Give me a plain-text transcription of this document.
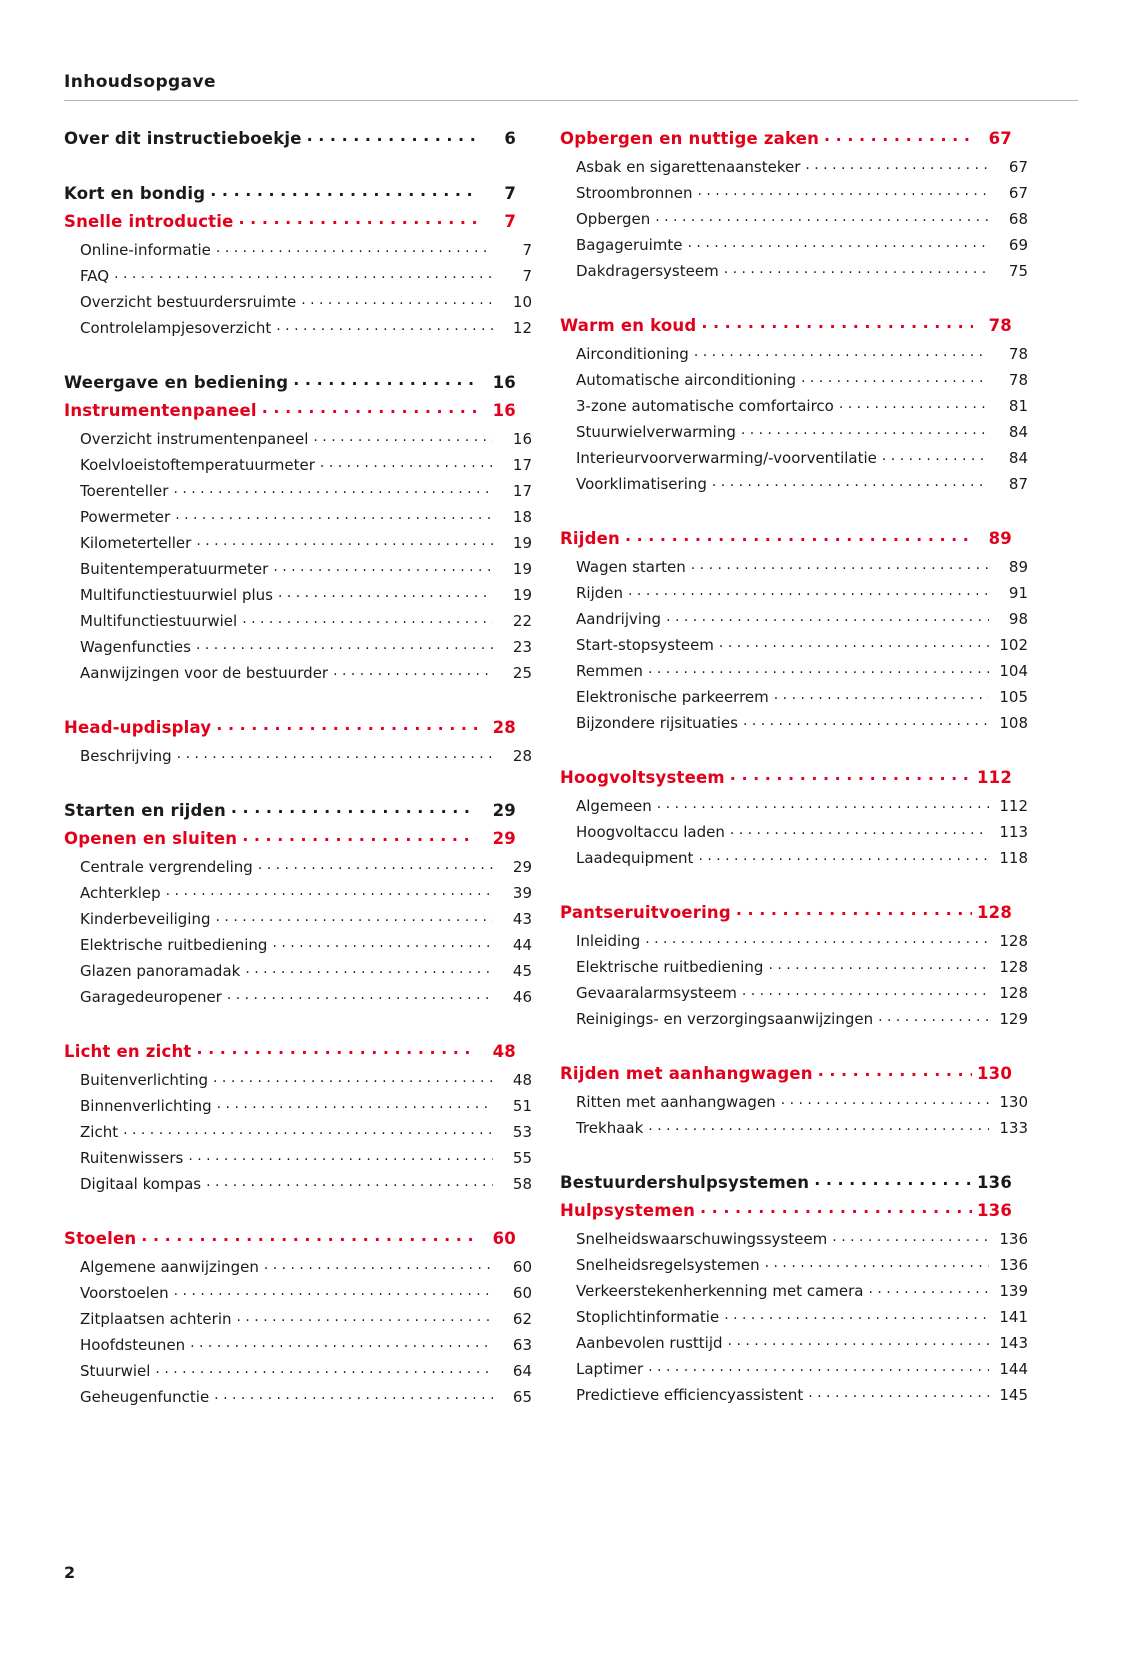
Inhoudsopgave
Over dit instructieboekje . . .	6
Kort en bondig . . .	7
Snelle introductie . . .	7
Online-informatie . . .	7
FAQ . . .	7
Overzicht bestuurdersruimte . . .	10
Controlelampjesoverzicht . . .	12
Weergave en bediening . . .	16
Instrumentenpaneel . . .	16
Overzicht instrumentenpaneel . . .	16
Koelvloeistoftemperatuurmeter . . .	17
Toerenteller . . .	17
Powermeter . . .	18
Kilometerteller . . .	19
Buitentemperatuurmeter . . .	19
Multifunctiestuurwiel plus . . .	19
Multifunctiestuurwiel . . .	22
Wagenfuncties . . .	23
Aanwijzingen voor de bestuurder . . .	25
Head-updisplay . . .	28
Beschrijving . . .	28
Starten en rijden . . .	29
Openen en sluiten . . .	29
Centrale vergrendeling . . .	29
Achterklep . . .	39
Kinderbeveiliging . . .	43
Elektrische ruitbediening . . .	44
Glazen panoramadak . . .	45
Garagedeuropener . . .	46
Licht en zicht . . .	48
Buitenverlichting . . .	48
Binnenverlichting . . .	51
Zicht . . .	53
Ruitenwissers . . .	55
Digitaal kompas . . .	58
Stoelen . . .	60
Algemene aanwijzingen . . .	60
Voorstoelen . . .	60
Zitplaatsen achterin . . .	62
Hoofdsteunen . . .	63
Stuurwiel . . .	64
Geheugenfunctie . . .	65
Opbergen en nuttige zaken . . .	67
Asbak en sigarettenaansteker . . .	67
Stroombronnen . . .	67
Opbergen . . .	68
Bagageruimte . . .	69
Dakdragersysteem . . .	75
Warm en koud . . .	78
Airconditioning . . .	78
Automatische airconditioning . . .	78
3-zone automatische comfortairco . . .	81
Stuurwielverwarming . . .	84
Interieurvoorverwarming/-voorventilatie . . .	84
Voorklimatisering . . .	87
Rijden . . .	89
Wagen starten . . .	89
Rijden . . .	91
Aandrijving . . .	98
Start-stopsysteem . . .	102
Remmen . . .	104
Elektronische parkeerrem . . .	105
Bijzondere rijsituaties . . .	108
Hoogvoltsysteem . . .	112
Algemeen . . .	112
Hoogvoltaccu laden . . .	113
Laadequipment . . .	118
Pantseruitvoering . . .	128
Inleiding . . .	128
Elektrische ruitbediening . . .	128
Gevaaralarmsysteem . . .	128
Reinigings- en verzorgingsaanwijzingen . . .	129
Rijden met aanhangwagen . . .	130
Ritten met aanhangwagen . . .	130
Trekhaak . . .	133
Bestuurdershulpsystemen . . .	136
Hulpsystemen . . .	136
Snelheidswaarschuwingssysteem . . .	136
Snelheidsregelsystemen . . .	136
Verkeerstekenherkenning met camera . . .	139
Stoplichtinformatie . . .	141
Aanbevolen rusttijd . . .	143
Laptimer . . .	144
Predictieve efficiencyassistent . . .	145
2
